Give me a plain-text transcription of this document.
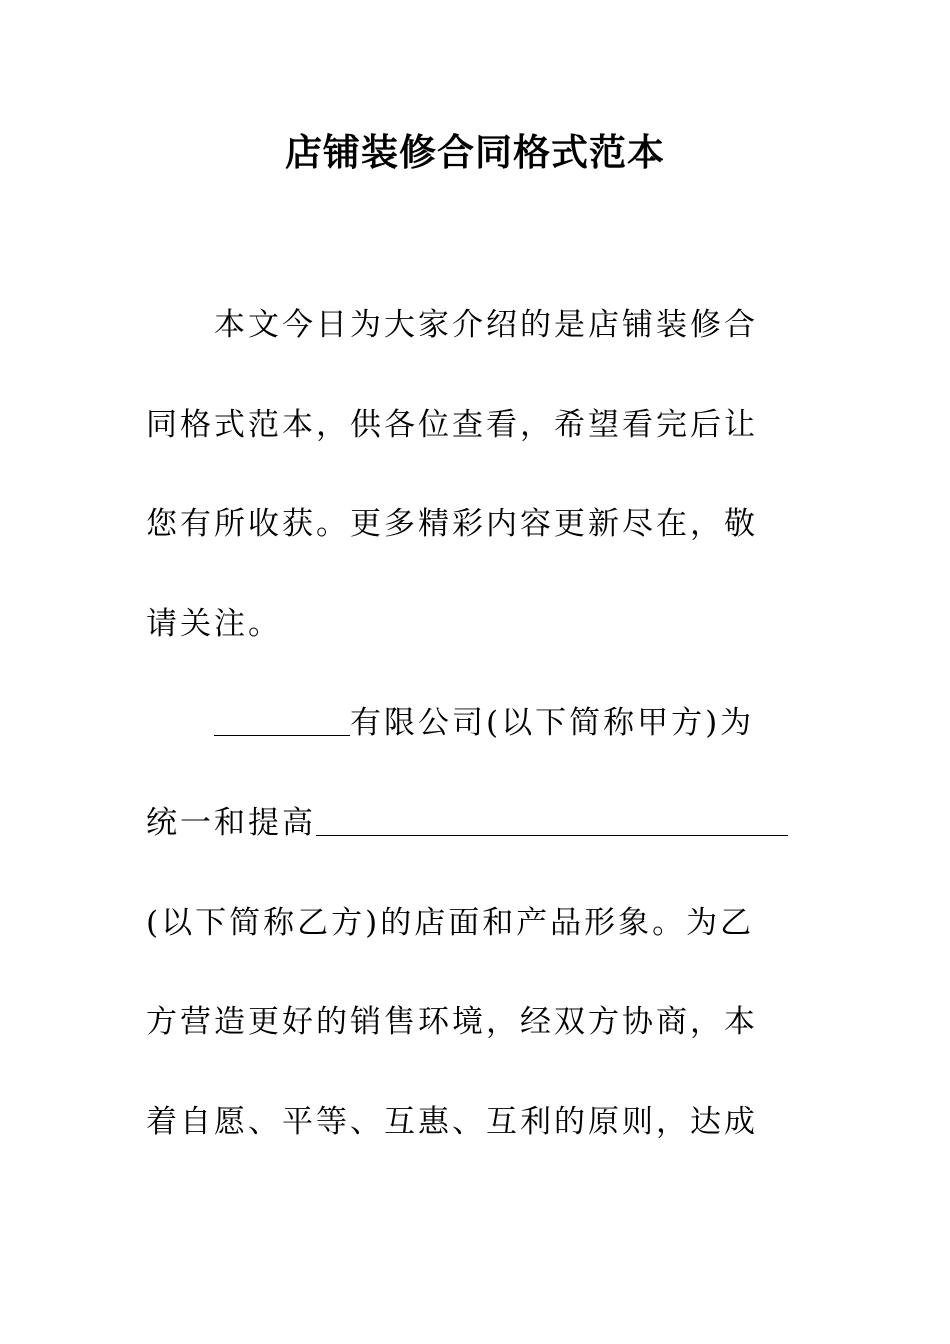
店铺装修合同格式范本
本文今日为大家介绍的是店铺装修合
同格式范本，供各位查看，希望看完后让
您有所收获。更多精彩内容更新尽在，敬
请关注。
有限公司(以下简称甲方)为
统一和提高
(以下简称乙方)的店面和产品形象。为乙
方营造更好的销售环境，经双方协商，本
着自愿、平等、互惠、互利的原则，达成
